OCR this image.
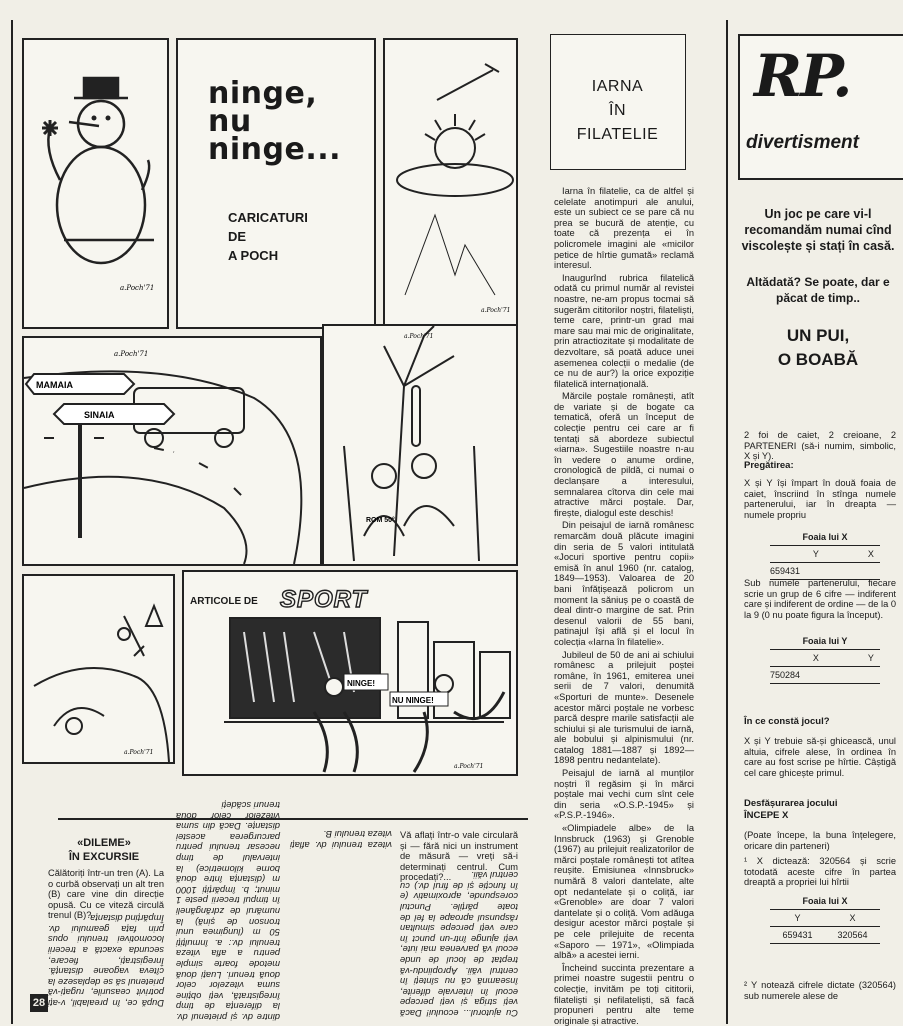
a.Poch'71
ninge,
nu
ninge...
CARICATURI
DE
A POCH
a.Poch'71
MAMAIA
SINAIA
a.Poch'71
ROM 50°
a.Poch'71
a.Poch'71
ARTICOLE DE SPORT
NINGE!
NU NINGE!
a.Poch'71
IARNA
ÎN
FILATELIE

Iarna în filatelie, ca de altfel și celelate anotimpuri ale anului, este un subiect ce se pare că nu prea se bucură de atenție, cu toate că prezența ei în policromele imagini ale «micilor petice de hîrtie gumată» reclamă interesul.

Inaugurînd rubrica filatelică odată cu primul număr al revistei noastre, ne-am propus tocmai să sugerăm cititorilor noștri, filateliști, teme care, printr-un grad mai mare sau mai mic de originalitate, prin atractiozitate și modalitate de dezvoltare, să poată aduce unei asemenea colecții o medalie (de ce nu de aur?) la orice expoziție filatelică internațională.

Mărcile poștale românești, atît de variate și de bogate ca tematică, oferă un început de colecție pentru cei care ar fi tentați să abordeze subiectul «iarna». Sugestiile noastre n-au în vedere o anume ordine, cronologică de pildă, ci numai o declanșare a interesului, semnalarea cîtorva din cele mai atractive mărci poștale. Dar, firește, dialogul este deschis!

Din peisajul de iarnă românesc remarcăm două plăcute imagini din seria de 5 valori intitulată «Jocuri sportive pentru copii» emisă în anul 1960 (nr. catalog, 1849—1953). Valoarea de 20 bani înfățișează policrom un moment la săniuș pe o coastă de deal dintr-o margine de sat. Prin desenul valorii de 55 bani, patinajul își află și el locul în colecția «Iarna în filatelie».

Jubileul de 50 de ani ai schiului românesc a prilejuit poștei române, în 1961, emiterea unei serii de 7 valori, denumită «Sporturi de munte». Desenele acestor mărci poștale ne vorbesc parcă despre marile satisfacții ale schiului și ale turismului de iarnă, ale bobului și alpinismului (nr. catalog 1881—1887 și 1892—1898 pentru nedantelate).

Peisajul de iarnă al munților noștri îl regăsim și în mărci poștale mai vechi cum sînt cele din seria «O.S.P.-1945» și «P.S.P.-1946».

«Olimpiadele albe» de la Innsbruck (1963) și Grenoble (1967) au prilejuit realizatorilor de mărci poștale românești tot atîtea reușite. Emisiunea «Innsbruck» numără 8 valori dantelate, alte opt nedantelate și o coliță, iar «Grenoble» are doar 7 valori dantelate și o coliță. Vom adăuga desigur acestor mărci poștale și pe cele prilejuite de recenta «Saporo — 1971», «Olimpiada albă» a acestei ierni.

Încheind succinta prezentare a primei noastre sugestii pentru o colecție, invităm pe toți cititorii, filateliști și nefilateliști, să facă propuneri pentru alte teme originale și atractive.

«DILEME»
ÎN EXCURSIE
Călătoriți într-un tren (A). La o curbă observați un alt tren (B) care vine din direcție opusă. Cu ce viteză circulă trenul (B)?
După ce, în prealabil, v-ați potrivit ceasurile, rugați-vă prietenul să se deplaseze la cîteva vagoane distanță. Înregistrați, fiecare, secunda exactă a trecerii locomotivei trenului opus prin fața geamului dv. Împărțind distanța
dintre dv. și prietenul dv. la diferența de timp înregistrată, veți obține suma vitezelor celor două trenuri. Luați două metode foarte simple pentru a afla viteza trenului dv.: a. înmulțiți 50 m (lungimea unui tronson de șină) la numărul de zdrăngăneli în timpul trecerii peste 1 minut; b. împărțiți 1000 m (distanța între două borne kilometrice) la intervalul de timp necesar trenului pentru parcurgerea acestei distanțe. Dacă din suma vitezelor celor două trenuri scădeți
viteza trenului dv. aflați viteza trenului B. Vă aflați într-o vale circulară și — fără nici un instrument de măsură — vreți să-i determinați centrul. Cum procedați?...
Cu ajutorul... ecoului! Dacă veți striga și veți percepe ecoul în intervale diferite, înseamnă că nu sînteți în centrul văii. Apropiindu-vă treptat de locul de unde ecoul vă parvenea mai iute, veți ajunge într-un punct în care veți percepe simultan răspunsul aproape la fel de toate părțile. Punctul corespunde, aproximativ (e în funcție și de firul dv.) cu centrul văii.
28
RP.
divertisment
Un joc pe care vi-l recomandăm numai cînd viscolește și stați în casă.
Altădată? Se poate, dar e păcat de timp..
UN PUI,
O BOABĂ
2 foi de caiet, 2 creioane, 2 PARTENERI (să-i numim, simbolic, X și Y).
Pregătirea:
X și Y își împart în două foaia de caiet, înscriind în stînga numele partenerului, iar în dreapta — numele propriu
Foaia lui X
Y	X
659431	
Sub numele partenerului, fiecare scrie un grup de 6 cifre — indiferent care și indiferent de ordine — de la 0 la 9 (0 nu poate figura la început).
Foaia lui Y
X	Y
750284	
În ce constă jocul?
X și Y trebuie să-și ghicească, unul altuia, cifrele alese, în ordinea în care au fost scrise pe hîrtie. Câștigă cel care ghicește primul.
Desfășurarea jocului
ÎNCEPE X
(Poate începe, la buna înțelegere, oricare din parteneri)
¹ X dictează: 320564 și scrie totodată aceste cifre în partea dreaptă a propriei lui hîrtii
Foaia lui X
Y	X
659431	320564
² Y notează cifrele dictate (320564) sub numerele alese de
